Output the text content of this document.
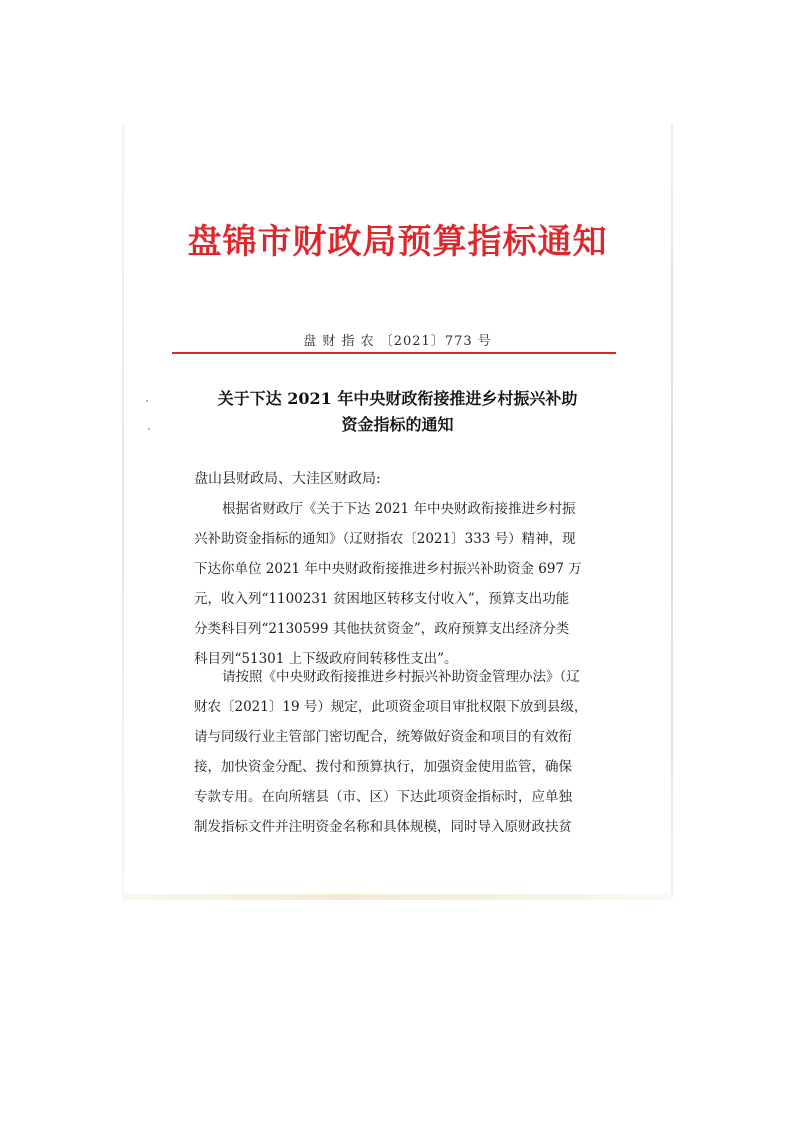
盘锦市财政局预算指标通知
盘 财 指 农 〔2021〕773 号
关于下达 2021 年中央财政衔接推进乡村振兴补助
资金指标的通知
盘山县财政局、大洼区财政局:
根据省财政厅《关于下达 2021 年中央财政衔接推进乡村振
兴补助资金指标的通知》（辽财指农〔2021〕333 号）精神，现
下达你单位 2021 年中央财政衔接推进乡村振兴补助资金 697 万
元，收入列“1100231 贫困地区转移支付收入”，预算支出功能
分类科目列“2130599 其他扶贫资金”，政府预算支出经济分类
科目列“51301 上下级政府间转移性支出”。
请按照《中央财政衔接推进乡村振兴补助资金管理办法》（辽
财农〔2021〕19 号）规定，此项资金项目审批权限下放到县级，
请与同级行业主管部门密切配合，统筹做好资金和项目的有效衔
接，加快资金分配、拨付和预算执行，加强资金使用监管，确保
专款专用。在向所辖县（市、区）下达此项资金指标时，应单独
制发指标文件并注明资金名称和具体规模，同时导入原财政扶贫
